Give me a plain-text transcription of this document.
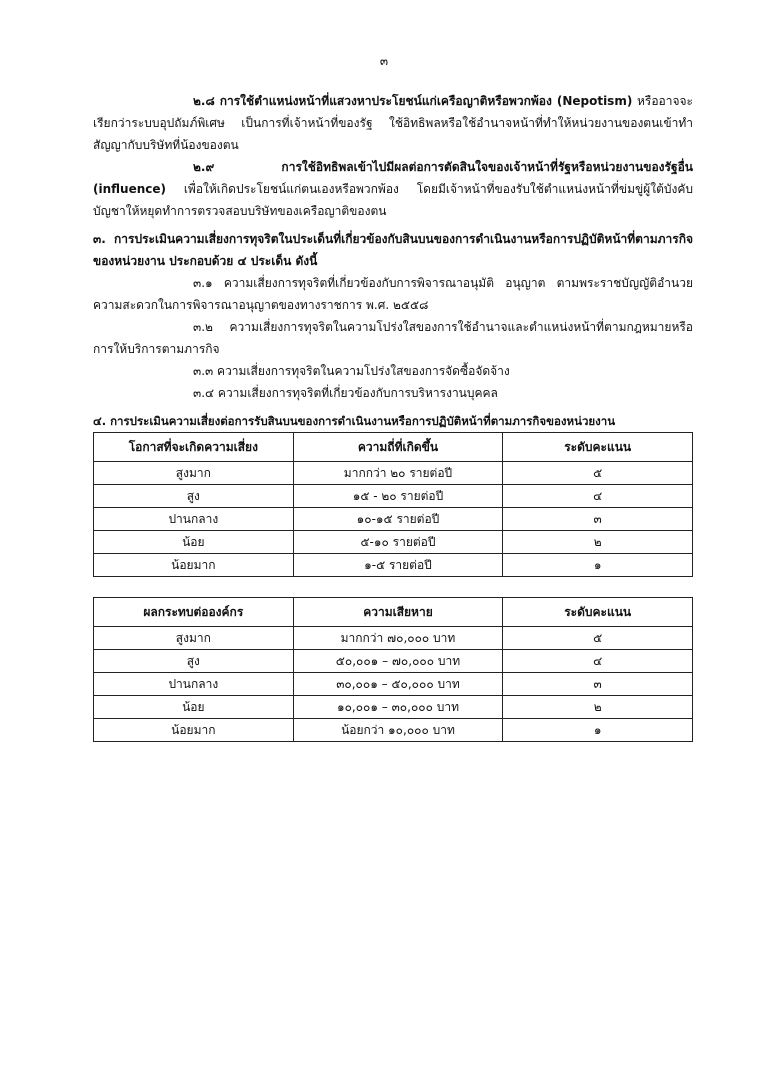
๓

๒.๘ การใช้ตำแหน่งหน้าที่แสวงหาประโยชน์แก่เครือญาติหรือพวกพ้อง (Nepotism) หรืออาจจะเรียกว่าระบบอุปถัมภ์พิเศษ เป็นการที่เจ้าหน้าที่ของรัฐ ใช้อิทธิพลหรือใช้อำนาจหน้าที่ทำให้หน่วยงานของตนเข้าทำสัญญากับบริษัทที่น้องของตน

๒.๙ การใช้อิทธิพลเข้าไปมีผลต่อการตัดสินใจของเจ้าหน้าที่รัฐหรือหน่วยงานของรัฐอื่น (influence) เพื่อให้เกิดประโยชน์แก่ตนเองหรือพวกพ้อง โดยมีเจ้าหน้าที่ของรับใช้ตำแหน่งหน้าที่ข่มขู่ผู้ใต้บังคับบัญชาให้หยุดทำการตรวจสอบบริษัทของเครือญาติของตน

๓. การประเมินความเสี่ยงการทุจริตในประเด็นที่เกี่ยวข้องกับสินบนของการดำเนินงานหรือการปฏิบัติหน้าที่ตามภารกิจของหน่วยงาน ประกอบด้วย ๔ ประเด็น ดังนี้

๓.๑ ความเสี่ยงการทุจริตที่เกี่ยวข้องกับการพิจารณาอนุมัติ อนุญาต ตามพระราชบัญญัติอำนวยความสะดวกในการพิจารณาอนุญาตของทางราชการ พ.ศ. ๒๕๕๘

๓.๒ ความเสี่ยงการทุจริตในความโปร่งใสของการใช้อำนาจและตำแหน่งหน้าที่ตามกฎหมายหรือการให้บริการตามภารกิจ

๓.๓ ความเสี่ยงการทุจริตในความโปร่งใสของการจัดซื้อจัดจ้าง

๓.๔ ความเสี่ยงการทุจริตที่เกี่ยวข้องกับการบริหารงานบุคคล

๔. การประเมินความเสี่ยงต่อการรับสินบนของการดำเนินงานหรือการปฏิบัติหน้าที่ตามภารกิจของหน่วยงาน

โอกาสที่จะเกิดความเสี่ยง	ความถี่ที่เกิดขึ้น	ระดับคะแนน
สูงมาก	มากกว่า ๒๐ รายต่อปี	๕
สูง	๑๕ - ๒๐ รายต่อปี	๔
ปานกลาง	๑๐-๑๕ รายต่อปี	๓
น้อย	๕-๑๐ รายต่อปี	๒
น้อยมาก	๑-๕ รายต่อปี	๑
ผลกระทบต่อองค์กร	ความเสียหาย	ระดับคะแนน
สูงมาก	มากกว่า ๗๐,๐๐๐ บาท	๕
สูง	๕๐,๐๐๑ – ๗๐,๐๐๐ บาท	๔
ปานกลาง	๓๐,๐๐๑ – ๕๐,๐๐๐ บาท	๓
น้อย	๑๐,๐๐๑ – ๓๐,๐๐๐ บาท	๒
น้อยมาก	น้อยกว่า ๑๐,๐๐๐ บาท	๑
